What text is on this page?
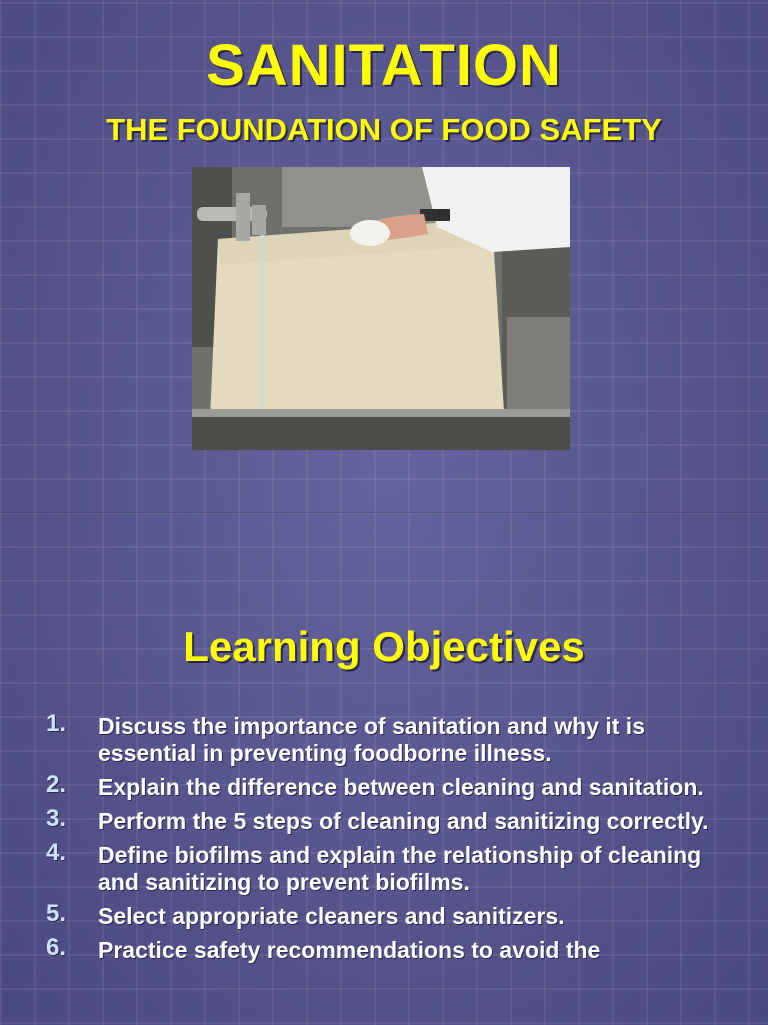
SANITATION
THE FOUNDATION OF FOOD SAFETY
Learning Objectives
1. Discuss the importance of sanitation and why it is essential in preventing foodborne illness.
2. Explain the difference between cleaning and sanitation.
3. Perform the 5 steps of cleaning and sanitizing correctly.
4. Define biofilms and explain the relationship of cleaning and sanitizing to prevent biofilms.
5. Select appropriate cleaners and sanitizers.
6. Practice safety recommendations to avoid the
